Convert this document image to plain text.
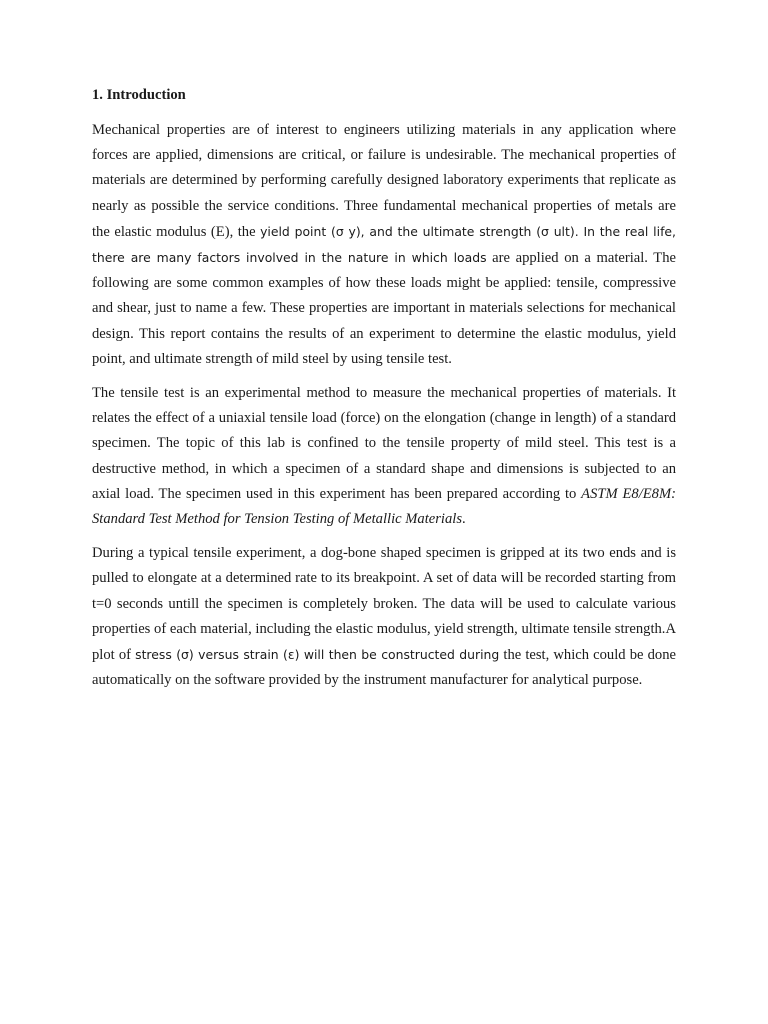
1. Introduction

Mechanical properties are of interest to engineers utilizing materials in any application where forces are applied, dimensions are critical, or failure is undesirable. The mechanical properties of materials are determined by performing carefully designed laboratory experiments that replicate as nearly as possible the service conditions. Three fundamental mechanical properties of metals are the elastic modulus (E), the yield point (σ y), and the ultimate strength (σ ult). In the real life, there are many factors involved in the nature in which loads are applied on a material. The following are some common examples of how these loads might be applied: tensile, compressive and shear, just to name a few. These properties are important in materials selections for mechanical design. This report contains the results of an experiment to determine the elastic modulus, yield point, and ultimate strength of mild steel by using tensile test.

The tensile test is an experimental method to measure the mechanical properties of materials. It relates the effect of a uniaxial tensile load (force) on the elongation (change in length) of a standard specimen. The topic of this lab is confined to the tensile property of mild steel. This test is a destructive method, in which a specimen of a standard shape and dimensions is subjected to an axial load. The specimen used in this experiment has been prepared according to ASTM E8/E8M: Standard Test Method for Tension Testing of Metallic Materials.

During a typical tensile experiment, a dog-bone shaped specimen is gripped at its two ends and is pulled to elongate at a determined rate to its breakpoint. A set of data will be recorded starting from t=0 seconds untill the specimen is completely broken. The data will be used to calculate various properties of each material, including the elastic modulus, yield strength, ultimate tensile strength.A plot of stress (σ) versus strain (ε) will then be constructed during the test, which could be done automatically on the software provided by the instrument manufacturer for analytical purpose.
